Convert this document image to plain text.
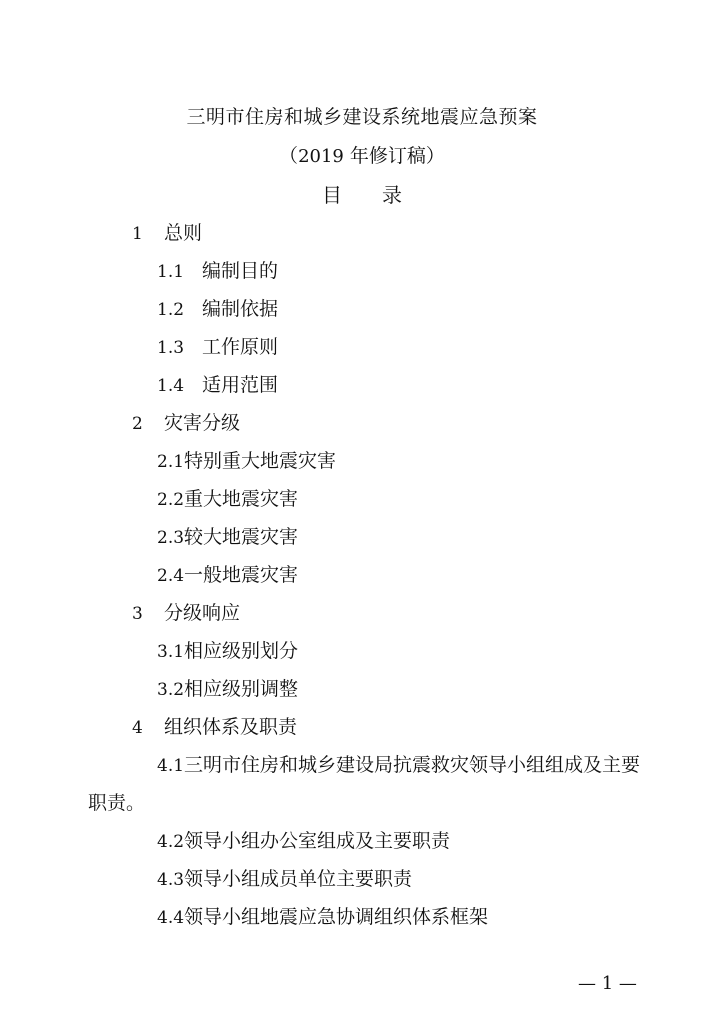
三明市住房和城乡建设系统地震应急预案
（2019 年修订稿）
目 录
1 总则
1.1 编制目的
1.2 编制依据
1.3 工作原则
1.4 适用范围
2 灾害分级
2.1特别重大地震灾害
2.2重大地震灾害
2.3较大地震灾害
2.4一般地震灾害
3 分级响应
3.1相应级别划分
3.2相应级别调整
4 组织体系及职责
4.1三明市住房和城乡建设局抗震救灾领导小组组成及主要
职责。
4.2领导小组办公室组成及主要职责
4.3领导小组成员单位主要职责
4.4领导小组地震应急协调组织体系框架
— 1 —
